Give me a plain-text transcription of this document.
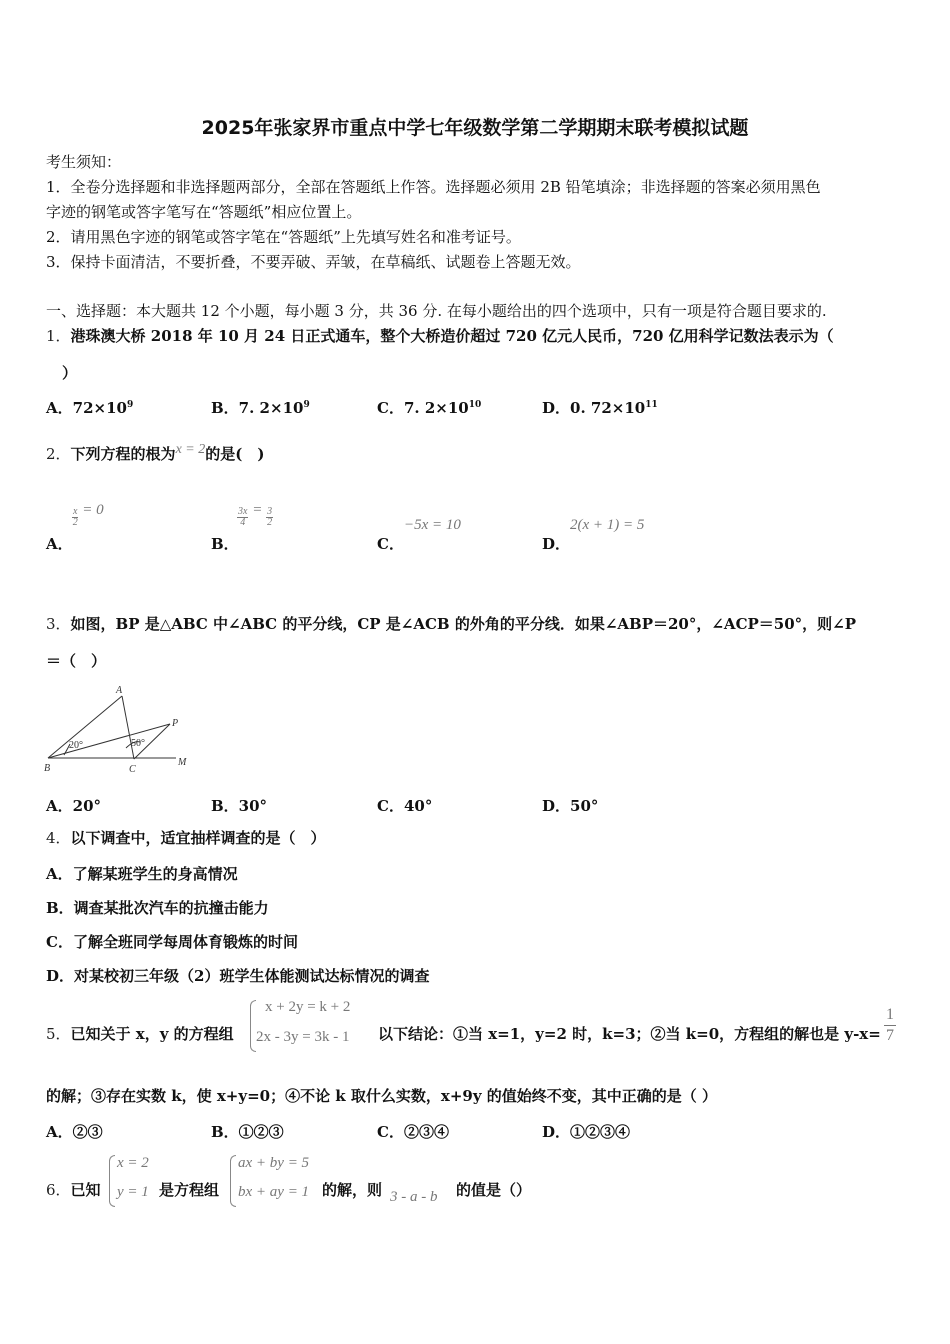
2025年张家界市重点中学七年级数学第二学期期末联考模拟试题
考生须知：
1．全卷分选择题和非选择题两部分，全部在答题纸上作答。选择题必须用 2B 铅笔填涂；非选择题的答案必须用黑色
字迹的钢笔或答字笔写在“答题纸”相应位置上。
2．请用黑色字迹的钢笔或答字笔在“答题纸”上先填写姓名和准考证号。
3．保持卡面清洁，不要折叠，不要弄破、弄皱，在草稿纸、试题卷上答题无效。
一、选择题：本大题共 12 个小题，每小题 3 分，共 36 分. 在每小题给出的四个选项中，只有一项是符合题目要求的.
1．港珠澳大桥 2018 年 10 月 24 日正式通车，整个大桥造价超过 720 亿元人民币，720 亿用科学记数法表示为（
）
A．$72\times 10^9$	B．7. $2\times 10^9$	C．7. $2\times 10^{10}$	D．0. $72\times 10^{11}$
2．下列方程的根为x = 2的是(　)
A．
$\frac{x}{2} = 0$
B．
$\frac{3x}{4} = \frac{3}{2}$
C．
−5x = 10
D．
2(x + 1) = 5
3．如图，BP 是△ABC 中∠ABC 的平分线，CP 是∠ACB 的外角的平分线．如果∠ABP＝20°，∠ACP＝50°，则∠P
＝（　）
A
B	C
P
M
20°	50°
A．20°	B．30°	C．40°	D．50°
4．以下调查中，适宜抽样调查的是（　）
A．了解某班学生的身高情况
B．调查某批次汽车的抗撞击能力
C．了解全班同学每周体育锻炼的时间
D．对某校初三年级（2）班学生体能测试达标情况的调查
5．已知关于 x，y 的方程组
x + 2y = k + 2
2x - 3y = 3k - 1 以下结论：①当 x=1，y=2 时，k=3；②当 k=0，方程组的解也是 y-x=
1
7
的解；③存在实数 k，使 x+y=0；④不论 k 取什么实数，x+9y 的值始终不变，其中正确的是（ ）
A．②③	B．①②③	C．②③④	D．①②③④
6．已知
x = 2
y = 1 是方程组
ax + by = 5
bx + ay = 1 的解，则 3 - a - b 的值是（）
